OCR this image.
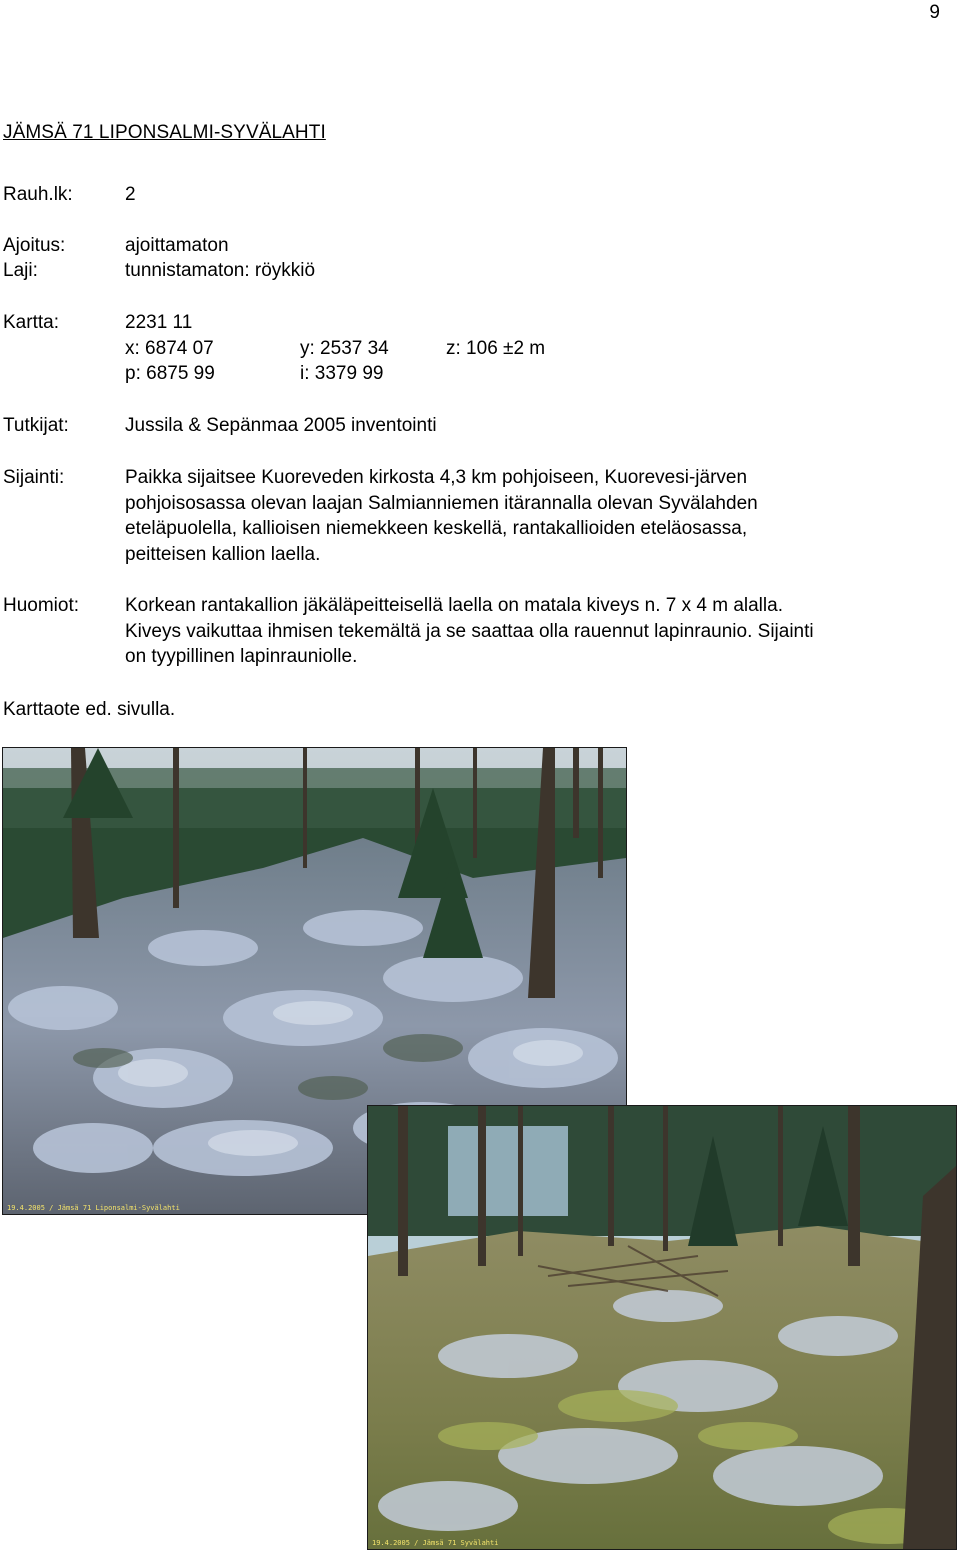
9
JÄMSÄ 71 LIPONSALMI-SYVÄLAHTI
Rauh.lk:	2
Ajoitus:	ajoittamaton
Laji:	tunnistamaton: röykkiö
Kartta:	2231 11
x: 6874 07	y: 2537 34	z: 106 ±2 m
p: 6875 99	i: 3379 99
Tutkijat:	Jussila & Sepänmaa 2005 inventointi
Sijainti:	Paikka sijaitsee Kuoreveden kirkosta 4,3 km pohjoiseen, Kuorevesi-järven
pohjoisosassa olevan laajan Salmianniemen itärannalla olevan Syvälahden
eteläpuolella, kallioisen niemekkeen keskellä, rantakallioiden eteläosassa,
peitteisen kallion laella.
Huomiot: Korkean rantakallion jäkäläpeitteisellä laella on matala kiveys n. 7 x 4 m alalla.
Kiveys vaikuttaa ihmisen tekemältä ja se saattaa olla rauennut lapinraunio. Sijainti
on tyypillinen lapinrauniolle.
Karttaote ed. sivulla.
19.4.2005 / Jämsä 71 Liponsalmi-Syvälahti
19.4.2005 / Jämsä 71 Syvälahti
